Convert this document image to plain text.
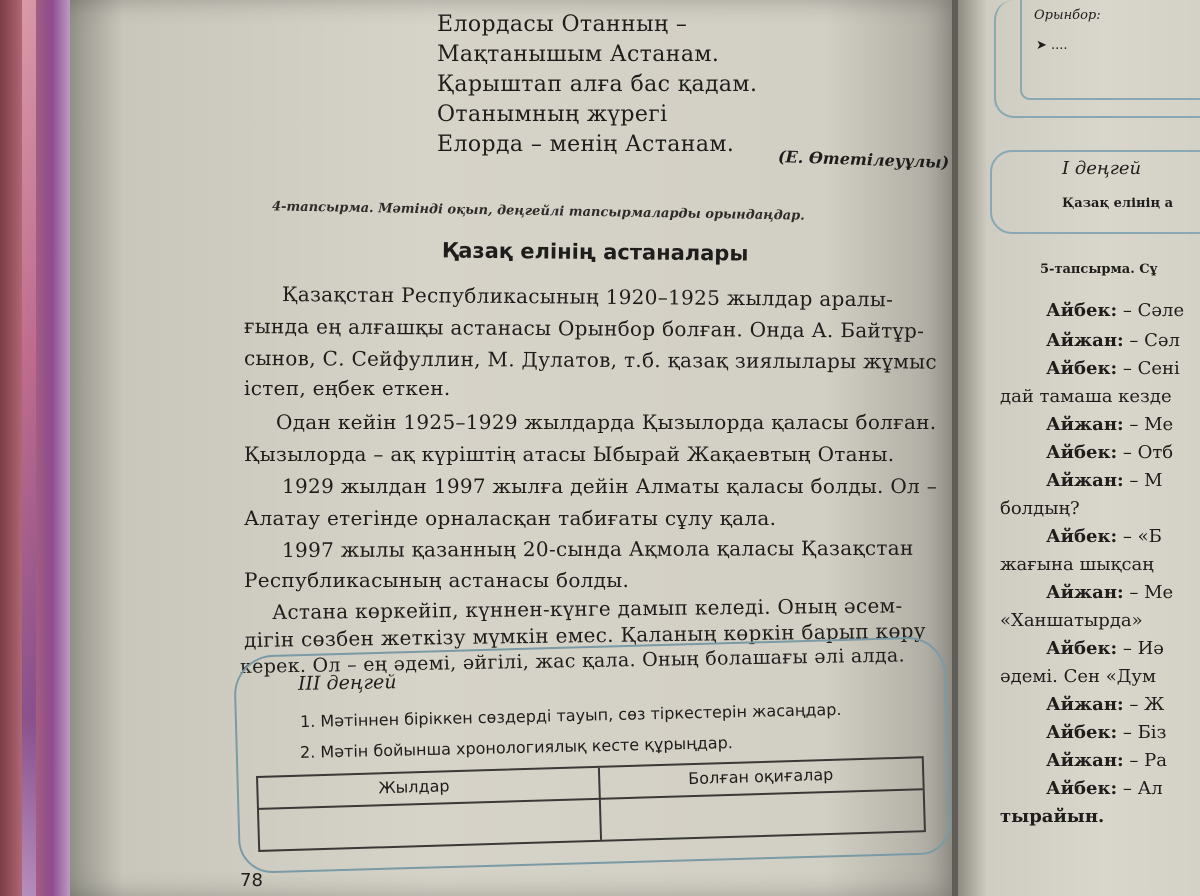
Елордасы Отанның –
Мақтанышым Астанам.
Қарыштап алға бас қадам.
Отанымның жүрегі
Елорда – менің Астанам.
(Е. Өтетілеуұлы)
4-тапсырма. Мәтінді оқып, деңгейлі тапсырмаларды орындаңдар.
Қазақ елінің астаналары
Қазақстан Республикасының 1920–1925 жылдар аралы-
ғында ең алғашқы астанасы Орынбор болған. Онда А. Байтұр-
сынов, С. Сейфуллин, М. Дулатов, т.б. қазақ зиялылары жұмыс
істеп, еңбек еткен.
Одан кейін 1925–1929 жылдарда Қызылорда қаласы болған.
Қызылорда – ақ күріштің атасы Ыбырай Жақаевтың Отаны.
1929 жылдан 1997 жылға дейін Алматы қаласы болды. Ол –
Алатау етегінде орналасқан табиғаты сұлу қала.
1997 жылы қазанның 20-сында Ақмола қаласы Қазақстан
Республикасының астанасы болды.
Астана көркейіп, күннен-күнге дамып келеді. Оның әсем-
дігін сөзбен жеткізу мүмкін емес. Қаланың көркін барып көру
керек. Ол – ең әдемі, әйгілі, жас қала. Оның болашағы әлі алда.
III деңгей
1. Мәтіннен біріккен сөздерді тауып, сөз тіркестерін жасаңдар.
2. Мәтін бойынша хронологиялық кесте құрыңдар.
Жылдар	Болған оқиғалар
78
Орынбор:
➤ ....
I деңгей
Қазақ елінің а
5-тапсырма. Сұ
Айбек: – Сәле
Айжан: – Сәл
Айбек: – Сені
дай тамаша кезде
Айжан: – Ме
Айбек: – Отб
Айжан: – М
болдың?
Айбек: – «Б
жағына шықсаң
Айжан: – Ме
«Ханшатырда»
Айбек: – Иә
әдемі. Сен «Дум
Айжан: – Ж
Айбек: – Біз
Айжан: – Ра
Айбек: – Ал
тырайын.
